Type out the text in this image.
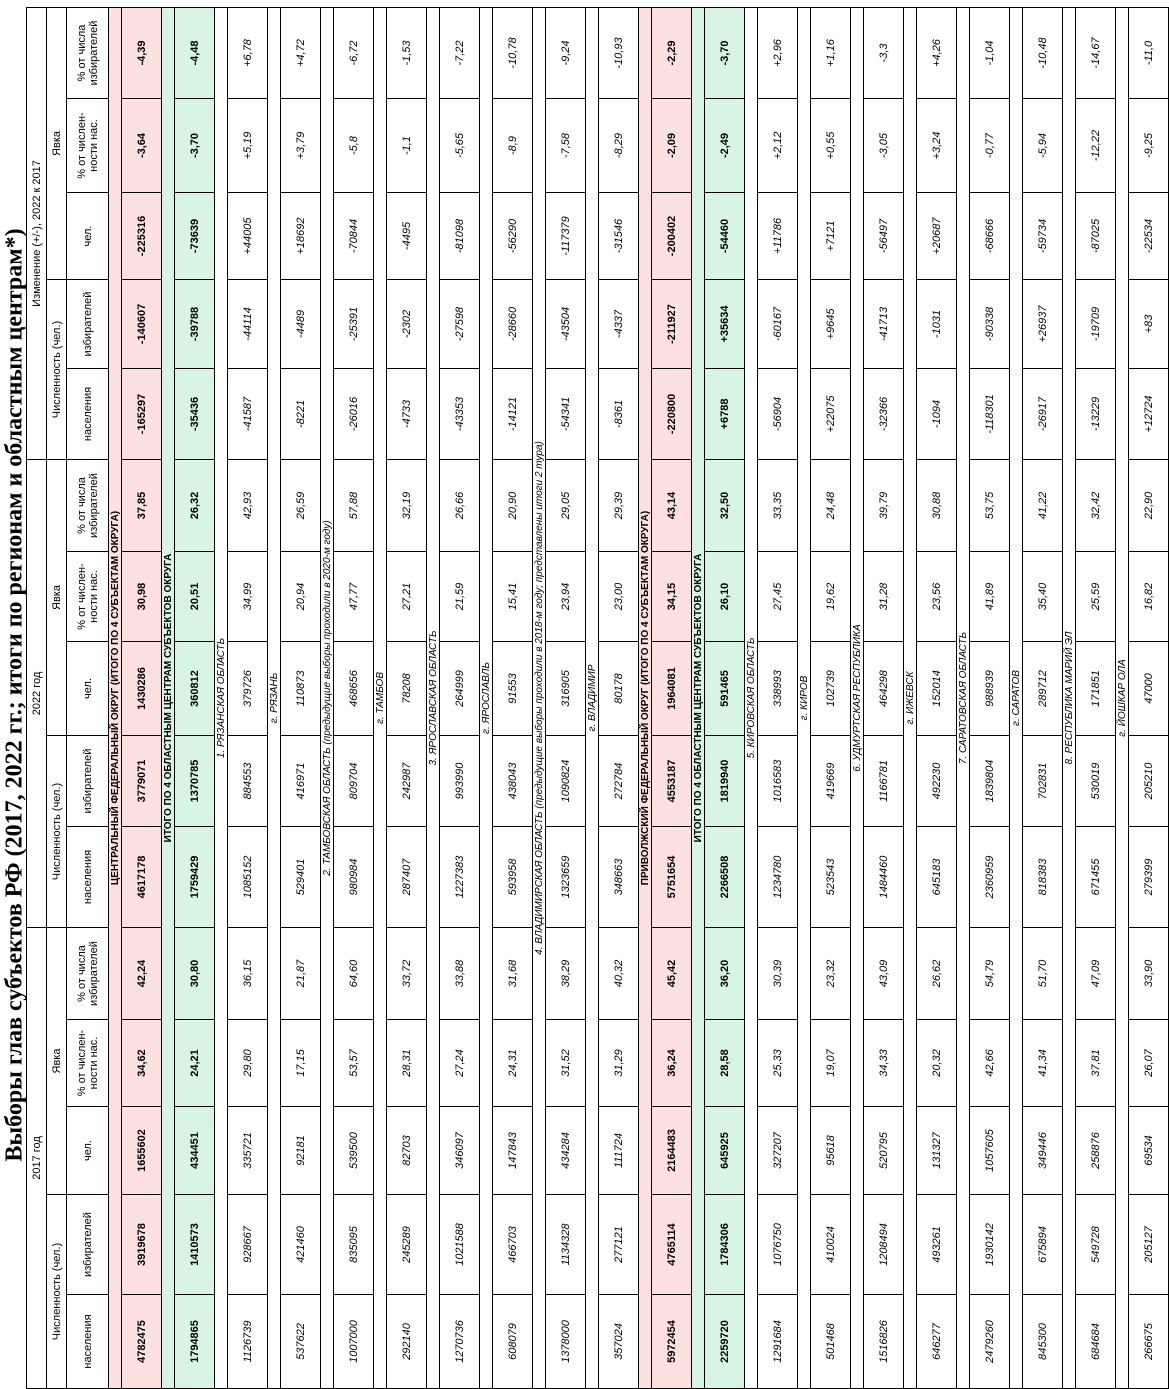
Выборы глав субъектов РФ (2017, 2022 гг.; итоги по регионам и областным центрам*) 2017 год					2022 год					Изменение (+/-), 2022 к 2017				
Численность (чел.)		Явка			Численность (чел.)		Явка			Численность (чел.)		Явка		
населения	избирателей	чел.	% от числен- ности нас.	% от числа избирателей	населения	избирателей	чел.	% от числен- ности нас.	% от числа избирателей	населения	избирателей	чел.	% от числен- ности нас.	% от числа избирателей
ЦЕНТРАЛЬНЫЙ ФЕДЕРАЛЬНЫЙ ОКРУГ (ИТОГО ПО 4 СУБЪЕКТАМ ОКРУГА)														
4782475	3919678	1655602	34,62	42,24	4617178	3779071	1430286	30,98	37,85	-165297	-140607	-225316	-3,64	-4,39
ИТОГО ПО 4 ОБЛАСТНЫМ ЦЕНТРАМ СУБЪЕКТОВ ОКРУГА														
1794865	1410573	434451	24,21	30,80	1759429	1370785	360812	20,51	26,32	-35436	-39788	-73639	-3,70	-4,48
1. РЯЗАНСКАЯ ОБЛАСТЬ														
1126739	928667	335721	29,80	36,15	1085152	884553	379726	34,99	42,93	-41587	-44114	+44005	+5,19	+6,78
г. РЯЗАНЬ														
537622	421460	92181	17,15	21,87	529401	416971	110873	20,94	26,59	-8221	-4489	+18692	+3,79	+4,72
2. ТАМБОВСКАЯ ОБЛАСТЬ (предыдущие выборы проходили в 2020-м году)														
1007000	835095	539500	53,57	64,60	980984	809704	468656	47,77	57,88	-26016	-25391	-70844	-5,8	-6,72
г. ТАМБОВ														
292140	245289	82703	28,31	33,72	287407	242987	78208	27,21	32,19	-4733	-2302	-4495	-1,1	-1,53
3. ЯРОСЛАВСКАЯ ОБЛАСТЬ														
1270736	1021588	346097	27,24	33,88	1227383	993990	264999	21,59	26,66	-43353	-27598	-81098	-5,65	-7,22
г. ЯРОСЛАВЛЬ														
608079	466703	147843	24,31	31,68	593958	438043	91553	15,41	20,90	-14121	-28660	-56290	-8,9	-10,78
4. ВЛАДИМИРСКАЯ ОБЛАСТЬ (предыдущие выборы проходили в 2018-м году; представлены итоги 2 тура)														
1378000	1134328	434284	31,52	38,29	1323659	1090824	316905	23,94	29,05	-54341	-43504	-117379	-7,58	-9,24
г. ВЛАДИМИР														
357024	277121	111724	31,29	40,32	348663	272784	80178	23,00	29,39	-8361	-4337	-31546	-8,29	-10,93
ПРИВОЛЖСКИЙ ФЕДЕРАЛЬНЫЙ ОКРУГ (ИТОГО ПО 4 СУБЪЕКТАМ ОКРУГА)														
5972454	4765114	2164483	36,24	45,42	5751654	4553187	1964081	34,15	43,14	-220800	-211927	-200402	-2,09	-2,29
ИТОГО ПО 4 ОБЛАСТНЫМ ЦЕНТРАМ СУБЪЕКТОВ ОКРУГА														
2259720	1784306	645925	28,58	36,20	2266508	1819940	591465	26,10	32,50	+6788	+35634	-54460	-2,49	-3,70
5. КИРОВСКАЯ ОБЛАСТЬ														
1291684	1076750	327207	25,33	30,39	1234780	1016583	338993	27,45	33,35	-56904	-60167	+11786	+2,12	+2,96
г. КИРОВ														
501468	410024	95618	19,07	23,32	523543	419669	102739	19,62	24,48	+22075	+9645	+7121	+0,55	+1,16
6. УДМУРТСКАЯ РЕСПУБЛИКА														
1516826	1208494	520795	34,33	43,09	1484460	1166781	464298	31,28	39,79	-32366	-41713	-56497	-3,05	-3,3
г. ИЖЕВСК														
646277	493261	131327	20,32	26,62	645183	492230	152014	23,56	30,88	-1094	-1031	+20687	+3,24	+4,26
7. САРАТОВСКАЯ ОБЛАСТЬ														
2479260	1930142	1057605	42,66	54,79	2360959	1839804	988939	41,89	53,75	-118301	-90338	-68666	-0,77	-1,04
г. САРАТОВ														
845300	675894	349446	41,34	51,70	818383	702831	289712	35,40	41,22	-26917	+26937	-59734	-5,94	-10,48
8. РЕСПУБЛИКА МАРИЙ ЭЛ														
684684	549728	258876	37,81	47,09	671455	530019	171851	25,59	32,42	-13229	-19709	-87025	-12,22	-14,67
г. ЙОШКАР ОЛА														
266675	205127	69534	26,07	33,90	279399	205210	47000	16,82	22,90	+12724	+83	-22534	-9,25	-11,0
